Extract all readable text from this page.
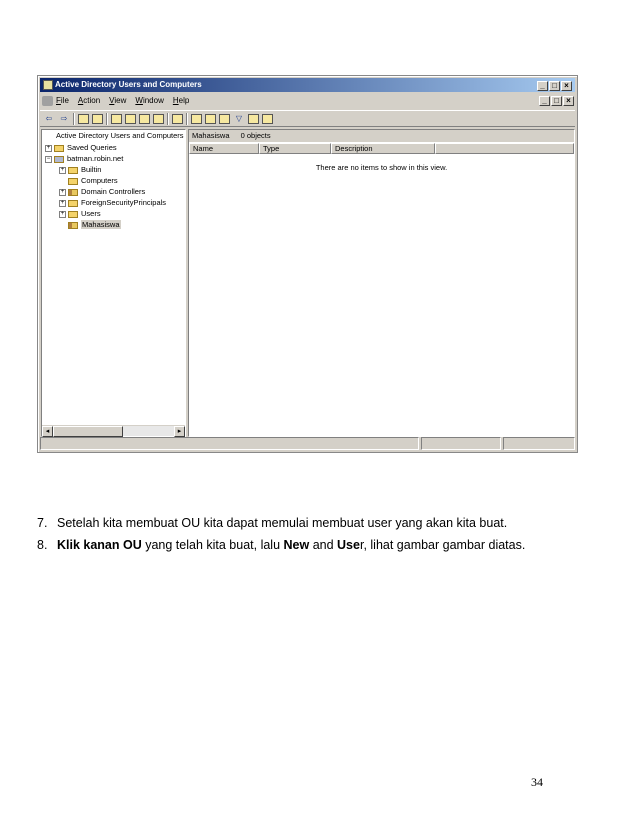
Active Directory Users and Computers	_ □ ×
File Action View Window Help	_ □ ×
⇦	⇨	▽
Active Directory Users and Computers
+ Saved Queries
− batman.robin.net
+ Builtin
Computers
+ Domain Controllers
+ ForeignSecurityPrincipals
+ Users
Mahasiswa
◂	▸
Mahasiswa 0 objects
Name	Type	Description
There are no items to show in this view.
7. Setelah kita membuat OU kita dapat memulai membuat user yang akan kita buat.
8. Klik kanan OU yang telah kita buat, lalu New and User, lihat gambar gambar diatas.
34
